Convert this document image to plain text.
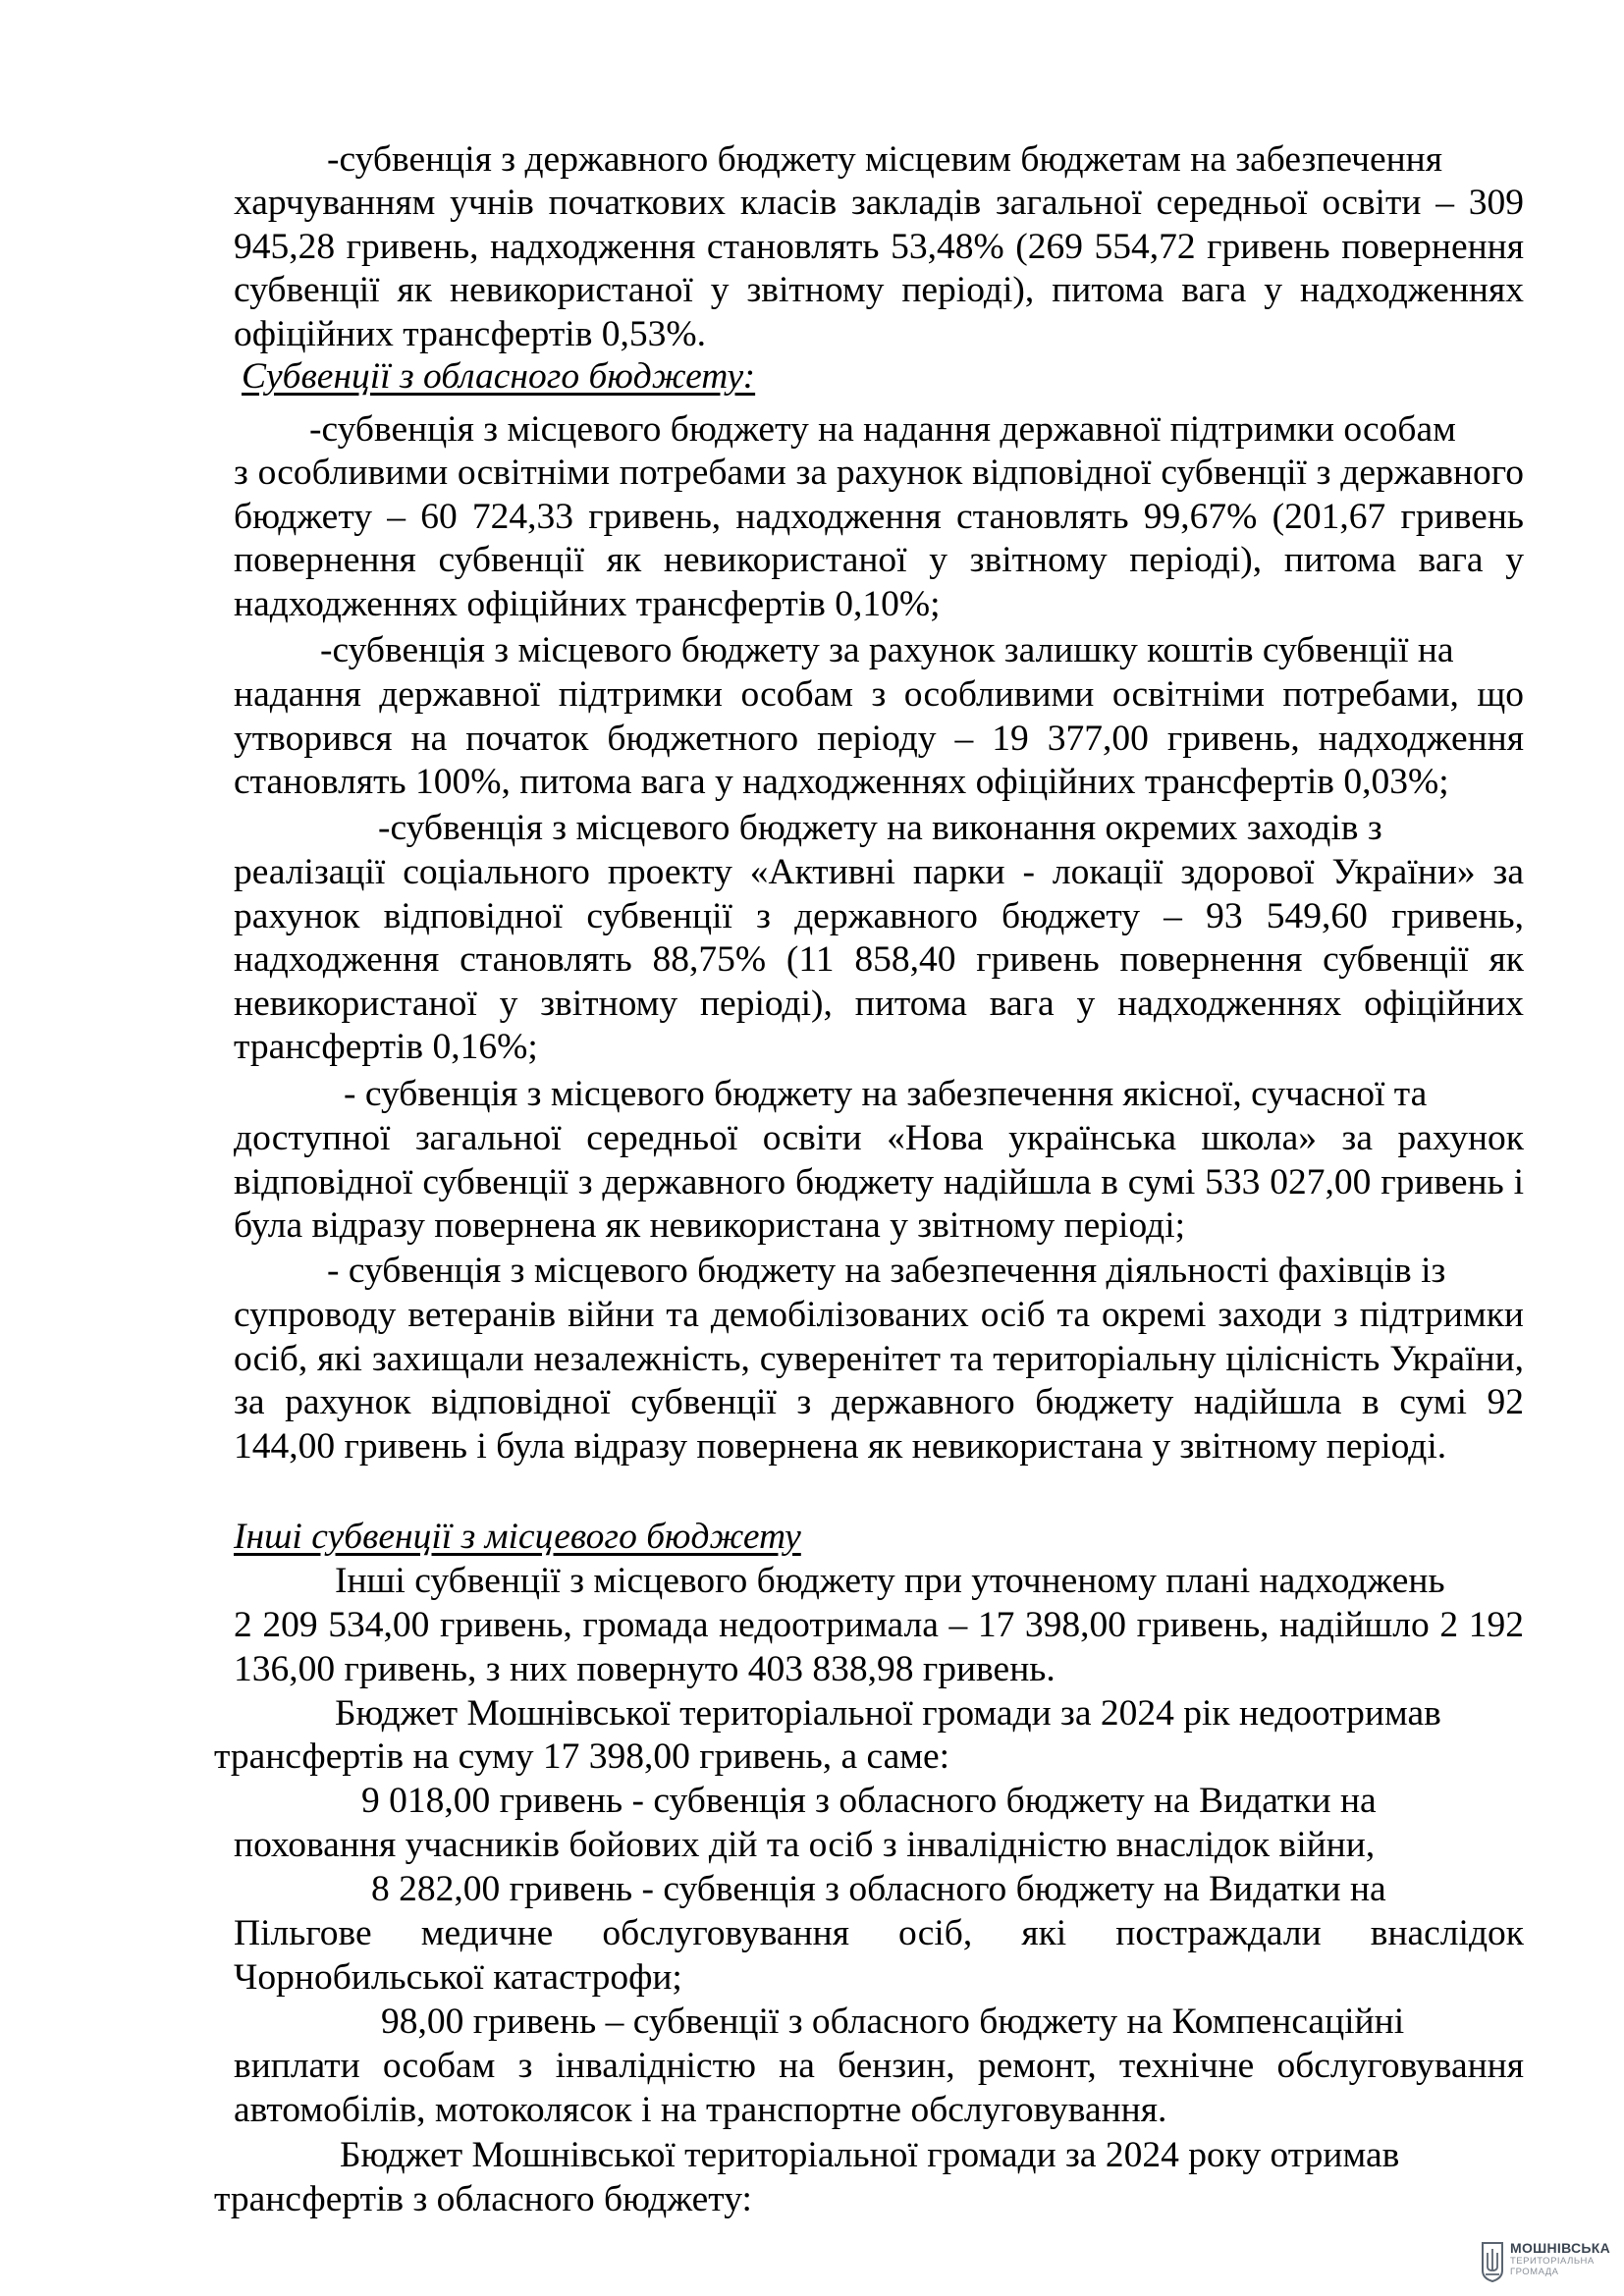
-субвенція з державного бюджету місцевим бюджетам на забезпечення

харчуванням учнів початкових класів закладів загальної середньої освіти – 309 945,28 гривень, надходження становлять 53,48% (269 554,72 гривень повернення субвенції як невикористаної у звітному періоді), питома вага у надходженнях офіційних трансфертів 0,53%.

Субвенції з обласного бюджету:

-субвенція з місцевого бюджету на надання державної підтримки особам

з особливими освітніми потребами за рахунок відповідної субвенції з державного бюджету – 60 724,33 гривень, надходження становлять 99,67% (201,67 гривень повернення субвенції як невикористаної у звітному періоді), питома вага у надходженнях офіційних трансфертів 0,10%;

-субвенція з місцевого бюджету за рахунок залишку коштів субвенції на

надання державної підтримки особам з особливими освітніми потребами, що утворився на початок бюджетного періоду – 19 377,00 гривень, надходження становлять 100%, питома вага у надходженнях офіційних трансфертів 0,03%;

-субвенція з місцевого бюджету на виконання окремих заходів з

реалізації соціального проекту «Активні парки - локації здорової України» за рахунок відповідної субвенції з державного бюджету – 93 549,60 гривень, надходження становлять 88,75% (11 858,40 гривень повернення субвенції як невикористаної у звітному періоді), питома вага у надходженнях офіційних трансфертів 0,16%;

- субвенція з місцевого бюджету на забезпечення якісної, сучасної та

доступної загальної середньої освіти «Нова українська школа» за рахунок відповідної субвенції з державного бюджету надійшла в сумі 533 027,00 гривень і була відразу повернена як невикористана у звітному періоді;

- субвенція з місцевого бюджету на забезпечення діяльності фахівців із

супроводу ветеранів війни та демобілізованих осіб та окремі заходи з підтримки осіб, які захищали незалежність, суверенітет та територіальну цілісність України, за рахунок відповідної субвенції з державного бюджету надійшла в сумі 92 144,00 гривень і була відразу повернена як невикористана у звітному періоді.

Інші субвенції з місцевого бюджету

Інші субвенції з місцевого бюджету при уточненому плані надходжень

2 209 534,00 гривень, громада недоотримала – 17 398,00 гривень, надійшло 2 192 136,00 гривень, з них повернуто 403 838,98 гривень.

Бюджет Мошнівської територіальної громади за 2024 рік недоотримав

трансфертів на суму 17 398,00 гривень, а саме:

9 018,00 гривень - субвенція з обласного бюджету на Видатки на

поховання учасників бойових дій та осіб з інвалідністю внаслідок війни,

8 282,00 гривень - субвенція з обласного бюджету на Видатки на

Пільгове медичне обслуговування осіб, які постраждали внаслідок Чорнобильської катастрофи;

98,00 гривень – субвенції з обласного бюджету на Компенсаційні

виплати особам з інвалідністю на бензин, ремонт, технічне обслуговування автомобілів, мотоколясок і на транспортне обслуговування.

Бюджет Мошнівської територіальної громади за 2024 року отримав

трансфертів з обласного бюджету:

МОШНІВСЬКА
ТЕРИТОРІАЛЬНА ГРОМАДА
